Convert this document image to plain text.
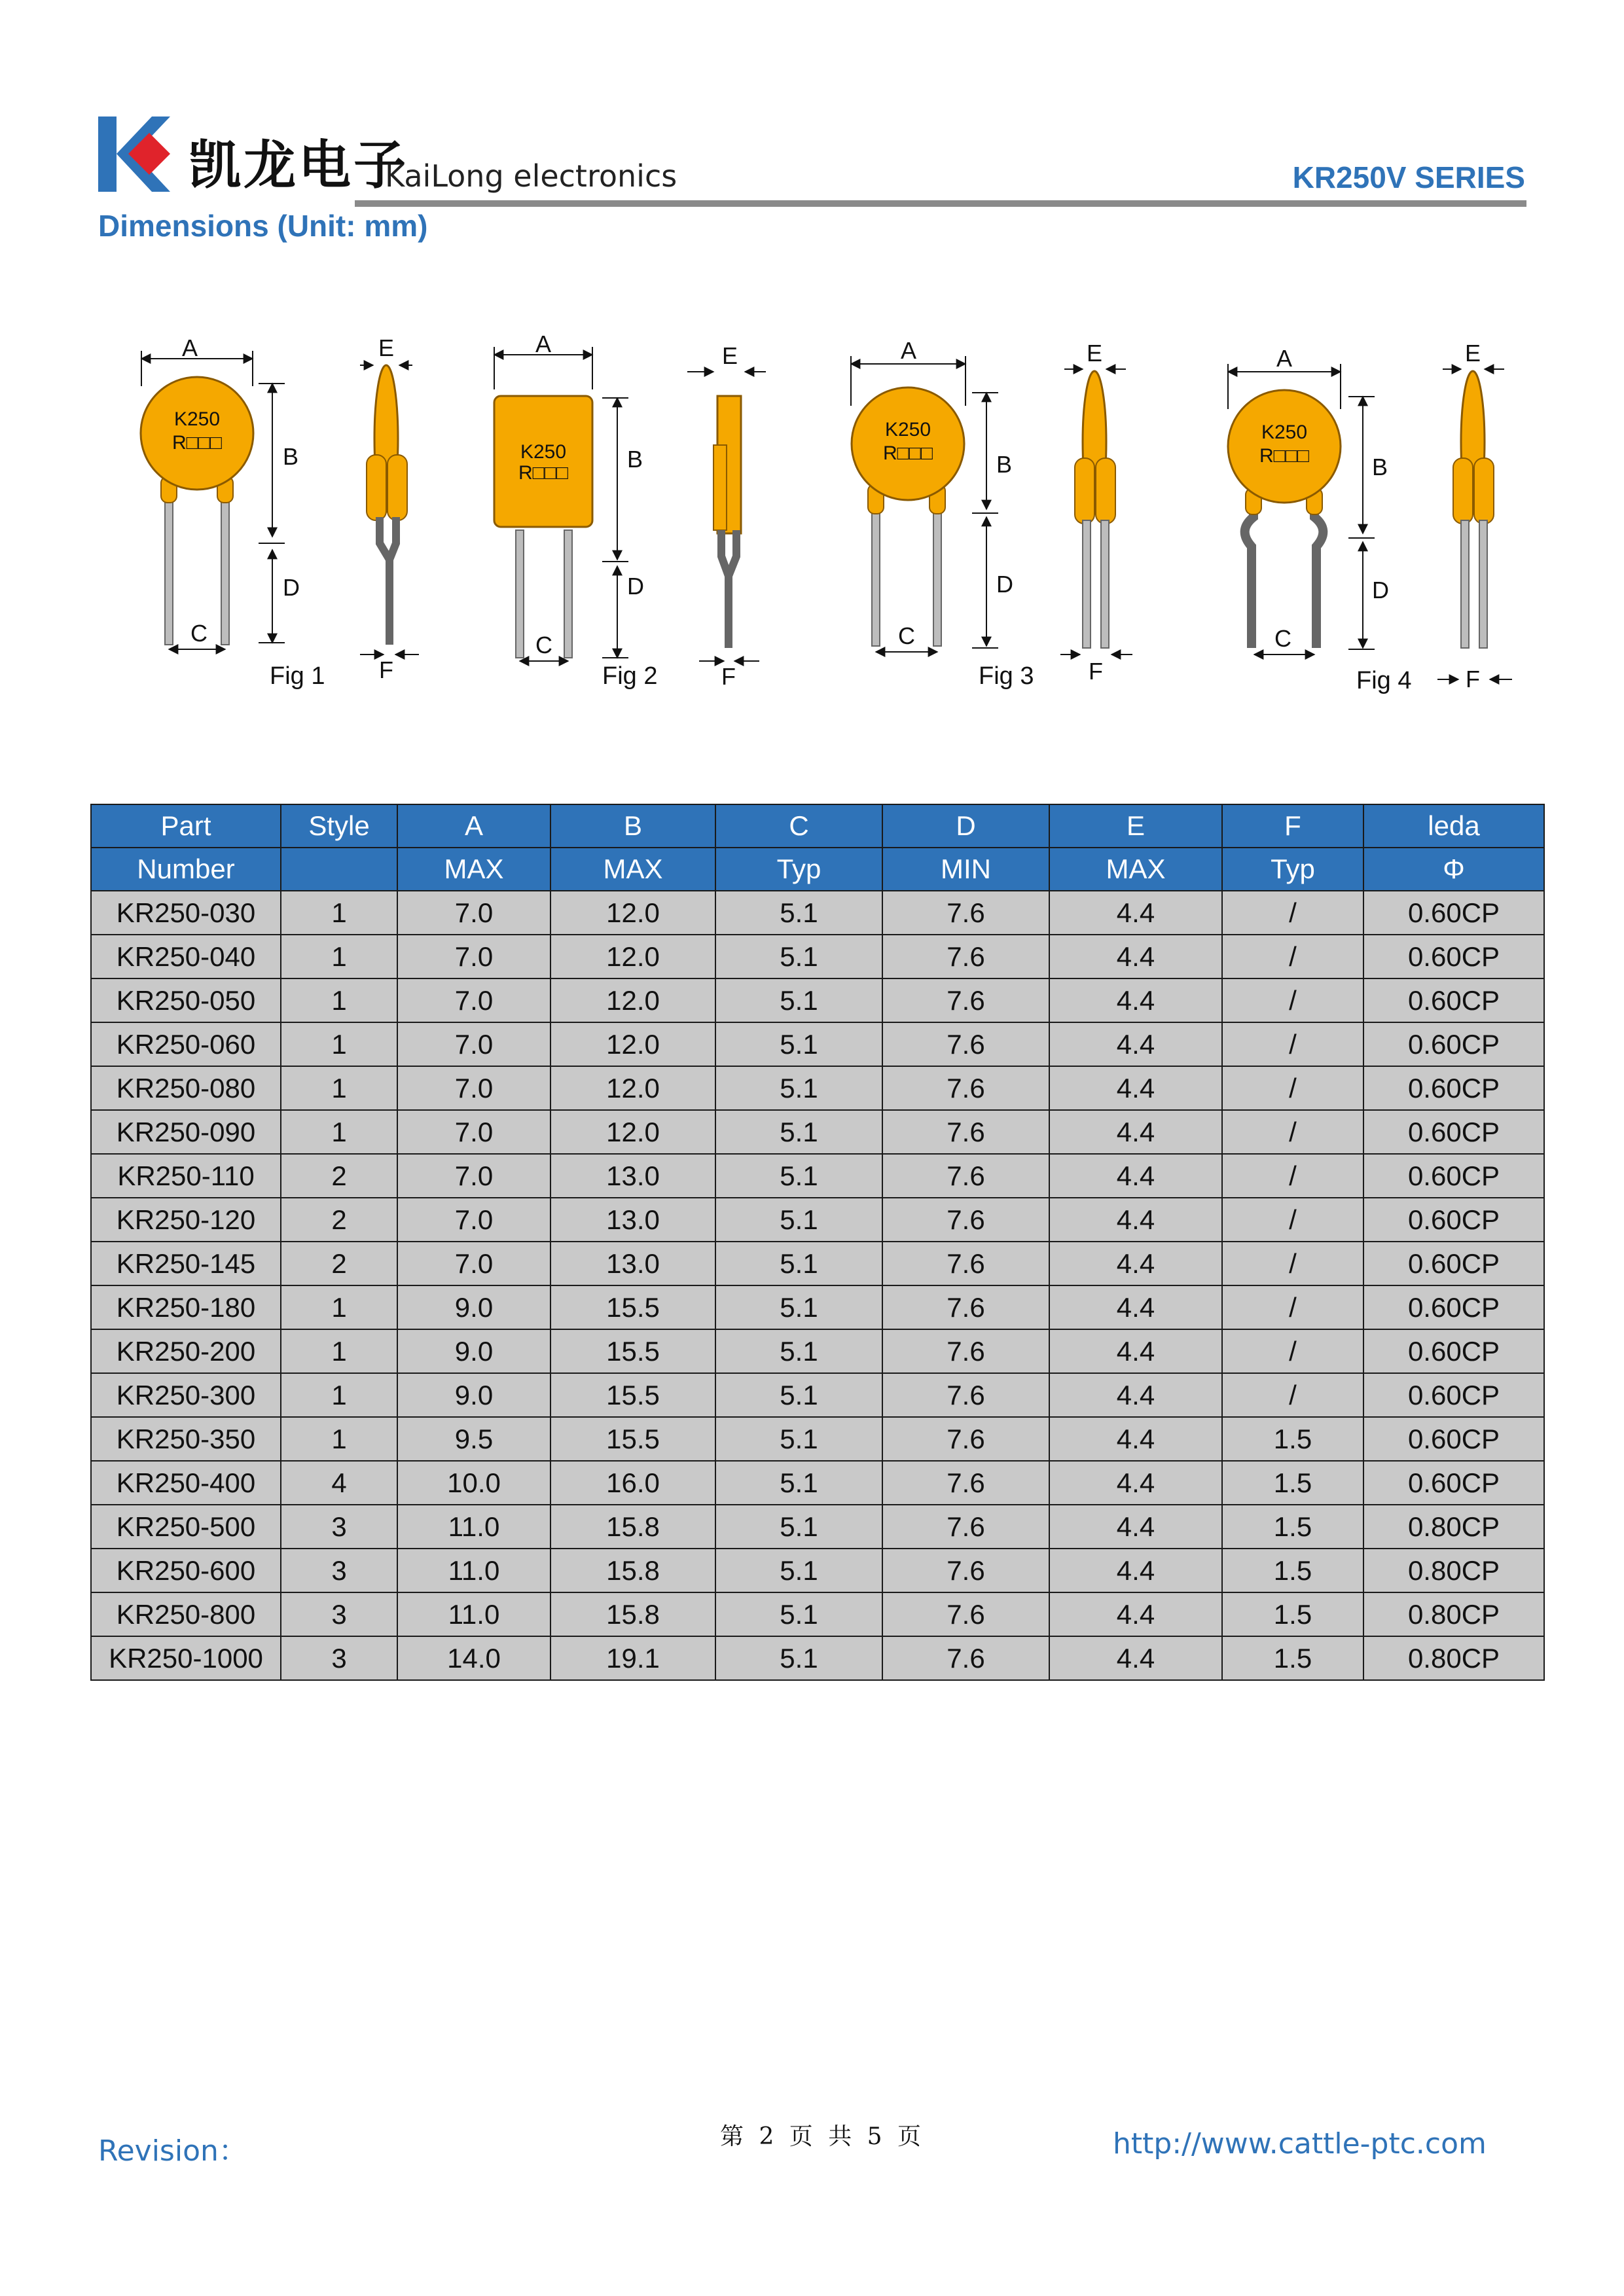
凯龙电子
KaiLong electronics	KR250V SERIES
Dimensions (Unit: mm)
A
K250
R□□□
B
D
C
Fig 1
E
F
A
K250
R□□□
B
D
C
Fig 2
E
F
A
K250
R□□□	B
D
C
Fig 3
E
F
A
K250
R□□□	B
D
C
Fig 4
E
F
Part	Style	A	B	C	D	E	F	leda
Number		MAX	MAX	Typ	MIN	MAX	Typ	Φ
KR250-030	1	7.0	12.0	5.1	7.6	4.4	/	0.60CP
KR250-040	1	7.0	12.0	5.1	7.6	4.4	/	0.60CP
KR250-050	1	7.0	12.0	5.1	7.6	4.4	/	0.60CP
KR250-060	1	7.0	12.0	5.1	7.6	4.4	/	0.60CP
KR250-080	1	7.0	12.0	5.1	7.6	4.4	/	0.60CP
KR250-090	1	7.0	12.0	5.1	7.6	4.4	/	0.60CP
KR250-110	2	7.0	13.0	5.1	7.6	4.4	/	0.60CP
KR250-120	2	7.0	13.0	5.1	7.6	4.4	/	0.60CP
KR250-145	2	7.0	13.0	5.1	7.6	4.4	/	0.60CP
KR250-180	1	9.0	15.5	5.1	7.6	4.4	/	0.60CP
KR250-200	1	9.0	15.5	5.1	7.6	4.4	/	0.60CP
KR250-300	1	9.0	15.5	5.1	7.6	4.4	/	0.60CP
KR250-350	1	9.5	15.5	5.1	7.6	4.4	1.5	0.60CP
KR250-400	4	10.0	16.0	5.1	7.6	4.4	1.5	0.60CP
KR250-500	3	11.0	15.8	5.1	7.6	4.4	1.5	0.80CP
KR250-600	3	11.0	15.8	5.1	7.6	4.4	1.5	0.80CP
KR250-800	3	11.0	15.8	5.1	7.6	4.4	1.5	0.80CP
KR250-1000	3	14.0	19.1	5.1	7.6	4.4	1.5	0.80CP
Revision：	第 2 页 共 5 页	http://www.cattle-ptc.com
